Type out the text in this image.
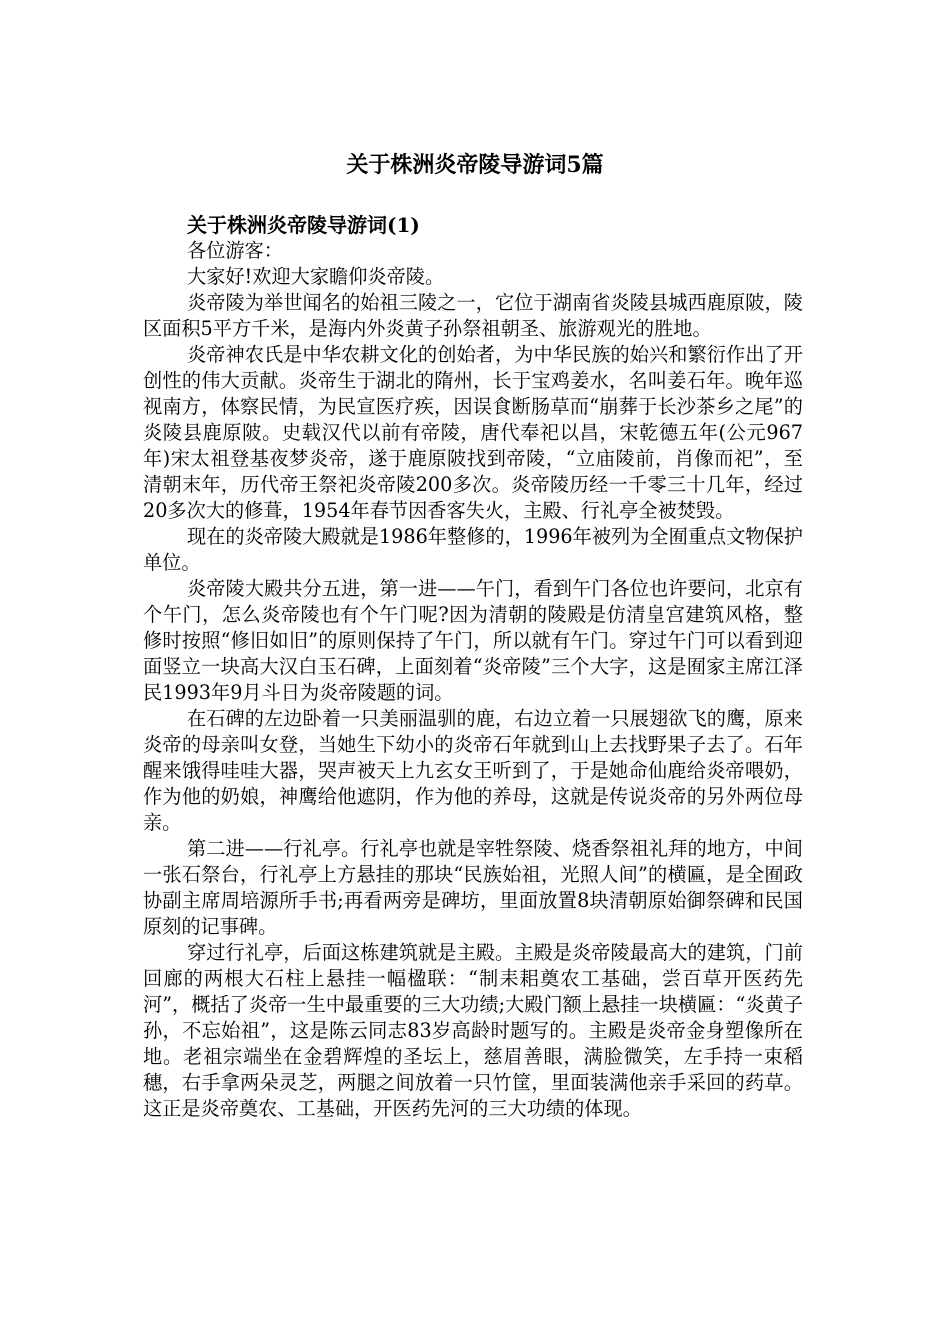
关于株洲炎帝陵导游词5篇

关于株洲炎帝陵导游词(1)

各位游客：

大家好!欢迎大家瞻仰炎帝陵。

炎帝陵为举世闻名的始祖三陵之一，它位于湖南省炎陵县城西鹿原陂，陵区面积5平方千米，是海内外炎黄子孙祭祖朝圣、旅游观光的胜地。

炎帝神农氏是中华农耕文化的创始者，为中华民族的始兴和繁衍作出了开创性的伟大贡献。炎帝生于湖北的隋州，长于宝鸡姜水，名叫姜石年。晚年巡视南方，体察民情，为民宣医疗疾，因误食断肠草而“崩葬于长沙茶乡之尾”的炎陵县鹿原陂。史载汉代以前有帝陵，唐代奉祀以昌，宋乾德五年(公元967年)宋太祖登基夜梦炎帝，遂于鹿原陂找到帝陵，“立庙陵前，肖像而祀”，至清朝末年，历代帝王祭祀炎帝陵200多次。炎帝陵历经一千零三十几年，经过20多次大的修葺，1954年春节因香客失火，主殿、行礼亭全被焚毁。

现在的炎帝陵大殿就是1986年整修的，1996年被列为全囿重点文物保护单位。

炎帝陵大殿共分五进，第一进——午门，看到午门各位也许要问，北京有个午门，怎么炎帝陵也有个午门呢?因为清朝的陵殿是仿清皇宫建筑风格，整修时按照“修旧如旧”的原则保持了午门，所以就有午门。穿过午门可以看到迎面竖立一块高大汉白玉石碑，上面刻着“炎帝陵”三个大字，这是囿家主席江泽民1993年9月斗日为炎帝陵题的词。

在石碑的左边卧着一只美丽温驯的鹿，右边立着一只展翅欲飞的鹰，原来炎帝的母亲叫女登，当她生下幼小的炎帝石年就到山上去找野果子去了。石年醒来饿得哇哇大器，哭声被天上九玄女王听到了，于是她命仙鹿给炎帝喂奶，作为他的奶娘，神鹰给他遮阴，作为他的养母，这就是传说炎帝的另外两位母亲。

第二进——行礼亭。行礼亭也就是宰牲祭陵、烧香祭祖礼拜的地方，中间一张石祭台，行礼亭上方悬挂的那块“民族始祖，光照人间”的横匾，是全囿政协副主席周培源所手书;再看两旁是碑坊，里面放置8块清朝原始御祭碑和民国原刻的记事碑。

穿过行礼亭，后面这栋建筑就是主殿。主殿是炎帝陵最高大的建筑，门前回廊的两根大石柱上悬挂一幅楹联：“制耒耜奠农工基础，尝百草开医药先河”，概括了炎帝一生中最重要的三大功绩;大殿门额上悬挂一块横匾：“炎黄子孙，不忘始祖”，这是陈云同志83岁高龄时题写的。主殿是炎帝金身塑像所在地。老祖宗端坐在金碧辉煌的圣坛上，慈眉善眼，满脸微笑，左手持一束稻穗，右手拿两朵灵芝，两腿之间放着一只竹筐，里面装满他亲手采回的药草。这正是炎帝奠农、工基础，开医药先河的三大功绩的体现。
